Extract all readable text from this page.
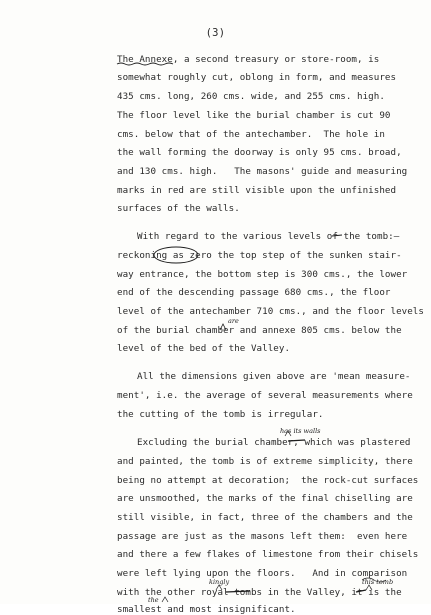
(3)
The Annexe, a second treasury or store-room, is
somewhat roughly cut, oblong in form, and measures
435 cms. long, 260 cms. wide, and 255 cms. high.
The floor level like the burial chamber is cut 90
cms. below that of the antechamber.  The hole in
the wall forming the doorway is only 95 cms. broad,
and 130 cms. high.   The masons' guide and measuring
marks in red are still visible upon the unfinished
surfaces of the walls.
With regard to the various levels of the tomb:—
reckoning as zero the top step of the sunken stair-
way entrance, the bottom step is 300 cms., the lower
end of the descending passage 680 cms., the floor
level of the antechamber 710 cms., and the floor levels
of the burial chamber and annexe 805 cms. below the
level of the bed of the Valley.
All the dimensions given above are 'mean measure-
ment', i.e. the average of several measurements where
the cutting of the tomb is irregular.
Excluding the burial chamber, which was plastered
and painted, the tomb is of extreme simplicity, there
being no attempt at decoration;  the rock-cut surfaces
are unsmoothed, the marks of the final chiselling are
still visible, in fact, three of the chambers and the
passage are just as the masons left them:  even here
and there a few flakes of limestone from their chisels
were left lying upon the floors.   And in comparison
with the other royal tombs in the Valley, it is the
smallest and most insignificant.
are
has its walls
kingly	this tomb
the
